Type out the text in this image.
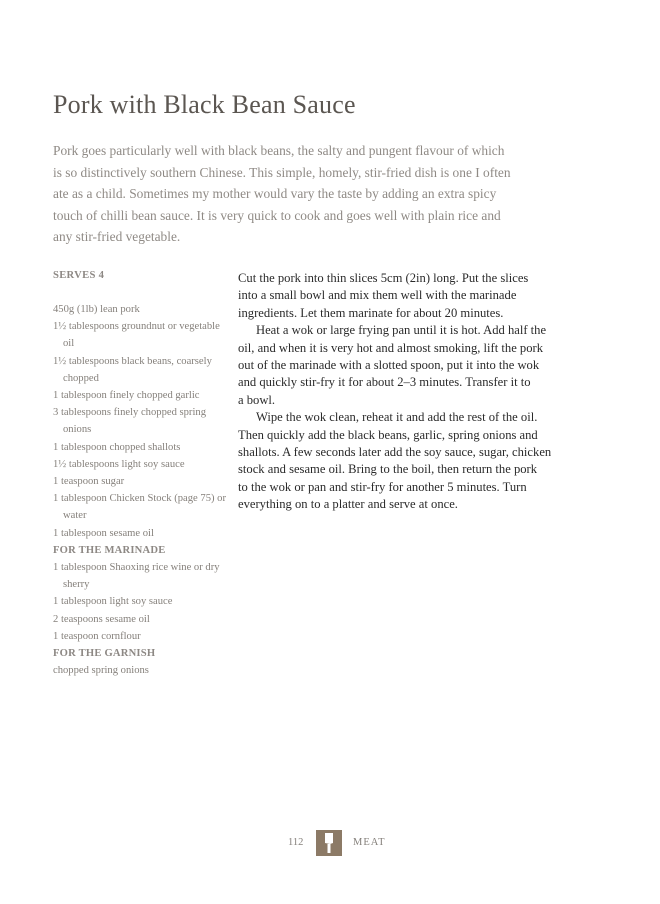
Pork with Black Bean Sauce

Pork goes particularly well with black beans, the salty and pungent flavour of which
is so distinctively southern Chinese. This simple, homely, stir-fried dish is one I often
ate as a child. Sometimes my mother would vary the taste by adding an extra spicy
touch of chilli bean sauce. It is very quick to cook and goes well with plain rice and
any stir-fried vegetable.

SERVES 4
450g (1lb) lean pork
1½ tablespoons groundnut or vegetable oil
1½ tablespoons black beans, coarsely chopped
1 tablespoon finely chopped garlic
3 tablespoons finely chopped spring onions
1 tablespoon chopped shallots
1½ tablespoons light soy sauce
1 teaspoon sugar
1 tablespoon Chicken Stock (page 75) or water
1 tablespoon sesame oil
FOR THE MARINADE
1 tablespoon Shaoxing rice wine or dry sherry
1 tablespoon light soy sauce
2 teaspoons sesame oil
1 teaspoon cornflour
FOR THE GARNISH
chopped spring onions
Cut the pork into thin slices 5cm (2in) long. Put the slices
into a small bowl and mix them well with the marinade
ingredients. Let them marinate for about 20 minutes.
Heat a wok or large frying pan until it is hot. Add half the
oil, and when it is very hot and almost smoking, lift the pork
out of the marinade with a slotted spoon, put it into the wok
and quickly stir-fry it for about 2–3 minutes. Transfer it to
a bowl.
Wipe the wok clean, reheat it and add the rest of the oil.
Then quickly add the black beans, garlic, spring onions and
shallots. A few seconds later add the soy sauce, sugar, chicken
stock and sesame oil. Bring to the boil, then return the pork
to the wok or pan and stir-fry for another 5 minutes. Turn
everything on to a platter and serve at once.
112	MEAT
